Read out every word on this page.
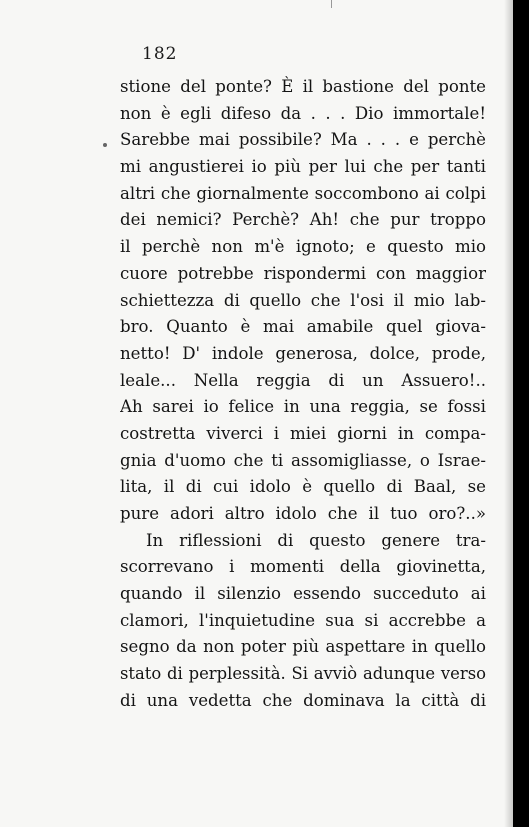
182
stione del ponte? È il bastione del ponte
non è egli difeso da . . . Dio immortale!
Sarebbe mai possibile? Ma . . . e perchè
mi angustierei io più per lui che per tanti
altri che giornalmente soccombono ai colpi
dei nemici? Perchè? Ah! che pur troppo
il perchè non m'è ignoto; e questo mio
cuore potrebbe rispondermi con maggior
schiettezza di quello che l'osi il mio lab-
bro. Quanto è mai amabile quel giova-
netto! D' indole generosa, dolce, prode,
leale... Nella reggia di un Assuero!..
Ah sarei io felice in una reggia, se fossi
costretta viverci i miei giorni in compa-
gnia d'uomo che ti assomigliasse, o Israe-
lita, il di cui idolo è quello di Baal, se
pure adori altro idolo che il tuo oro?..»
In riflessioni di questo genere tra-
scorrevano i momenti della giovinetta,
quando il silenzio essendo succeduto ai
clamori, l'inquietudine sua si accrebbe a
segno da non poter più aspettare in quello
stato di perplessità. Si avviò adunque verso
di una vedetta che dominava la città di
